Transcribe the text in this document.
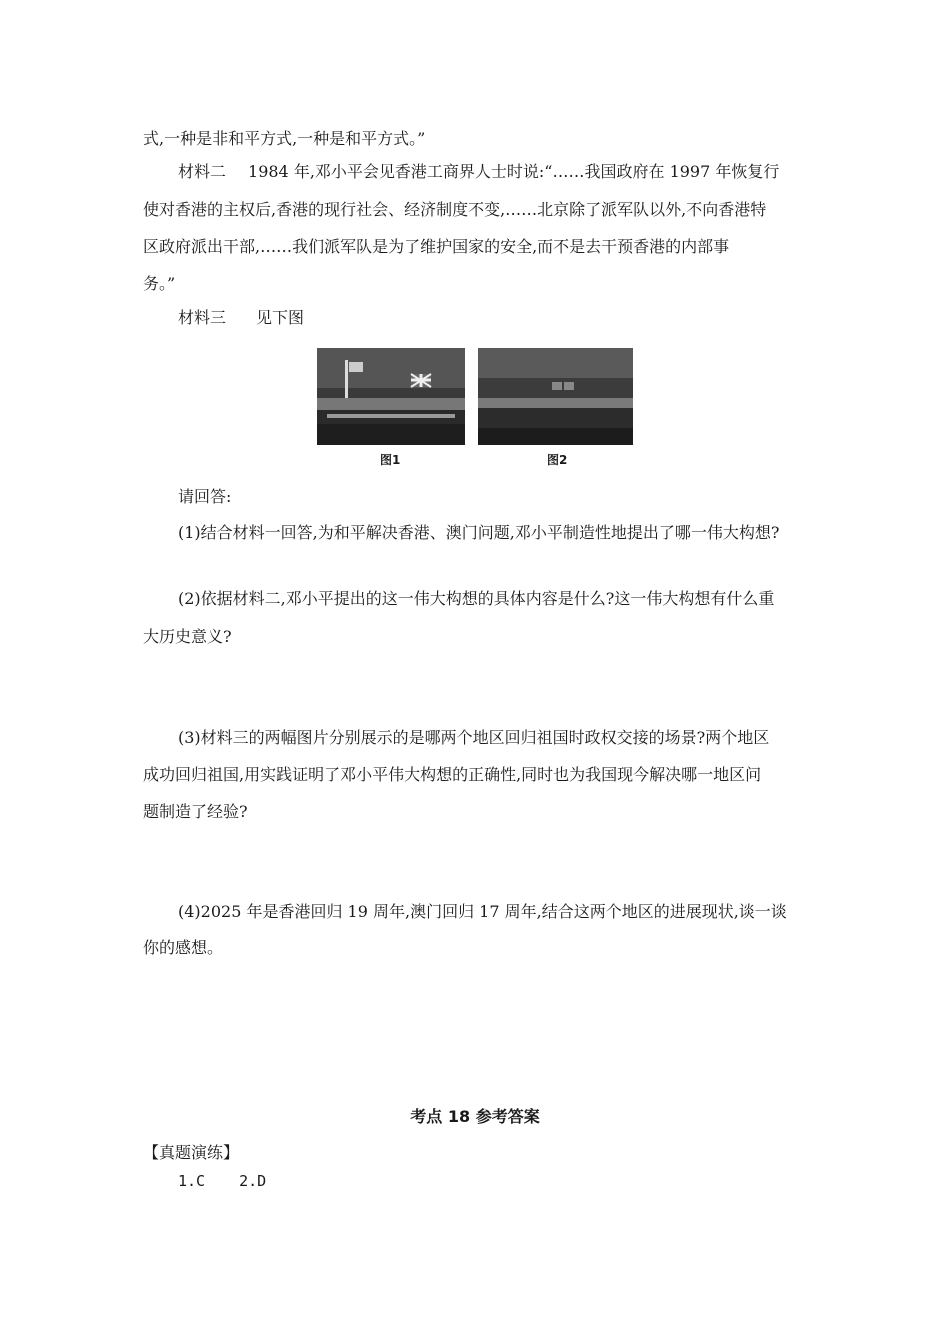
式,一种是非和平方式,一种是和平方式。”
材料二 1984 年,邓小平会见香港工商界人士时说:“……我国政府在 1997 年恢复行
使对香港的主权后,香港的现行社会、经济制度不变,……北京除了派军队以外,不向香港特
区政府派出干部,……我们派军队是为了维护国家的安全,而不是去干预香港的内部事
务。”
材料三 见下图
图1	图2
请回答:
(1)结合材料一回答,为和平解决香港、澳门问题,邓小平制造性地提出了哪一伟大构想?
(2)依据材料二,邓小平提出的这一伟大构想的具体内容是什么?这一伟大构想有什么重
大历史意义?
(3)材料三的两幅图片分别展示的是哪两个地区回归祖国时政权交接的场景?两个地区
成功回归祖国,用实践证明了邓小平伟大构想的正确性,同时也为我国现今解决哪一地区问
题制造了经验?
(4)2025 年是香港回归 19 周年,澳门回归 17 周年,结合这两个地区的进展现状,谈一谈
你的感想。
考点 18 参考答案
【真题演练】
1.C 2.D
